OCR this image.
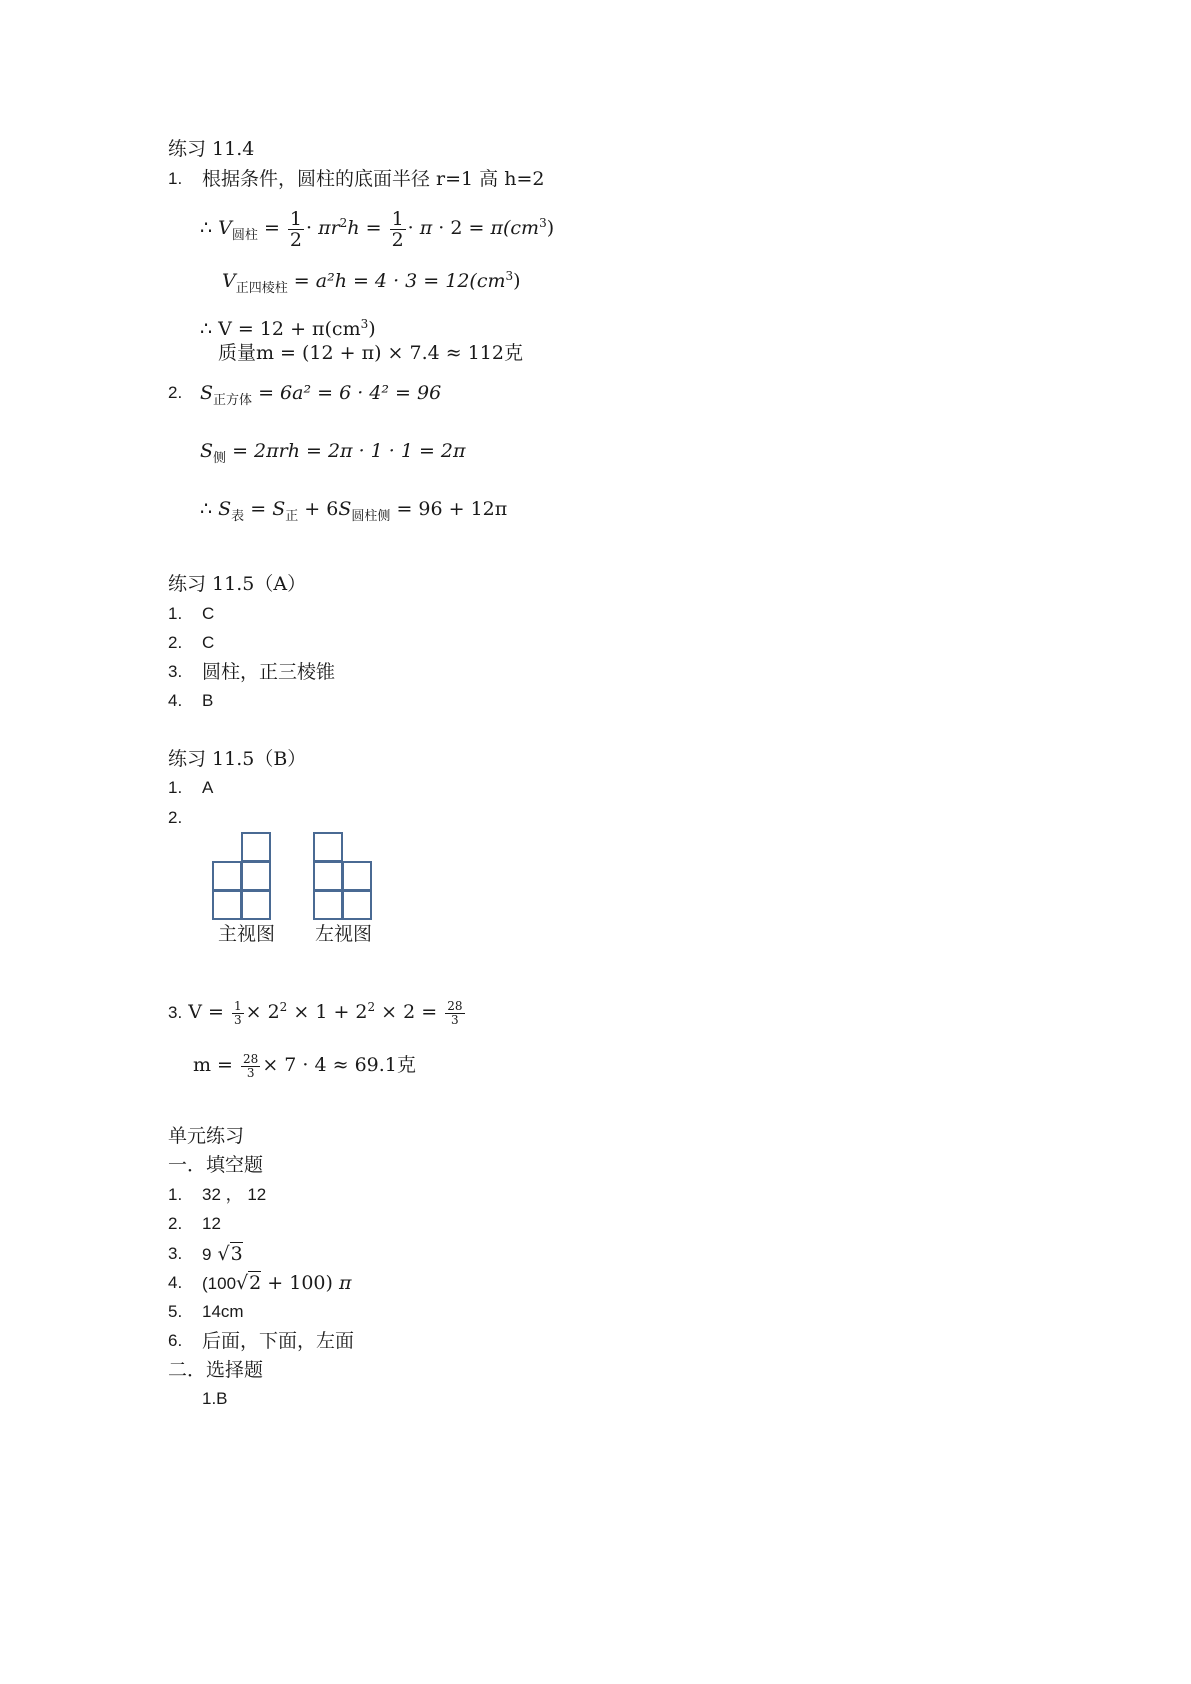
练习 11.4
1. 根据条件，圆柱的底面半径 r=1 高 h=2
∴ $V_{圆柱} = \frac{1}{2} \cdot \pi r^2h = \frac{1}{2} \cdot \pi \cdot 2 = \pi(cm^3)$
$V_{正四棱柱} = a^2h = 4 \cdot 3 = 12(cm^3)$
∴ $V = 12 + \pi(cm^3)$
质量m = (12 + π) × 7.4 ≈ 112克
2. $S_{正方体} = 6a^2 = 6 \cdot 4^2 = 96$
$S_侧 = 2\pi rh = 2\pi \cdot 1 \cdot 1 = 2\pi$
∴ $S_表 = S_正 + 6S_{圆柱侧} = 96 + 12\pi$
练习 11.5（A）
1. C
2. C
3. 圆柱，正三棱锥
4. B
练习 11.5（B）
1. A
2.
主视图 左视图
3. $V = \frac{1}{3} \times 2^2 \times 1 + 2^2 \times 2 = \frac{28}{3}$
$m = \frac{28}{3} \times 7 \cdot 4 \approx 69.1$克
单元练习
一．填空题
1. 32 ， 12
2. 12
3. 9 √3
4. (100√2 + 100) π
5. 14cm
6. 后面，下面，左面
二．选择题
1.B
